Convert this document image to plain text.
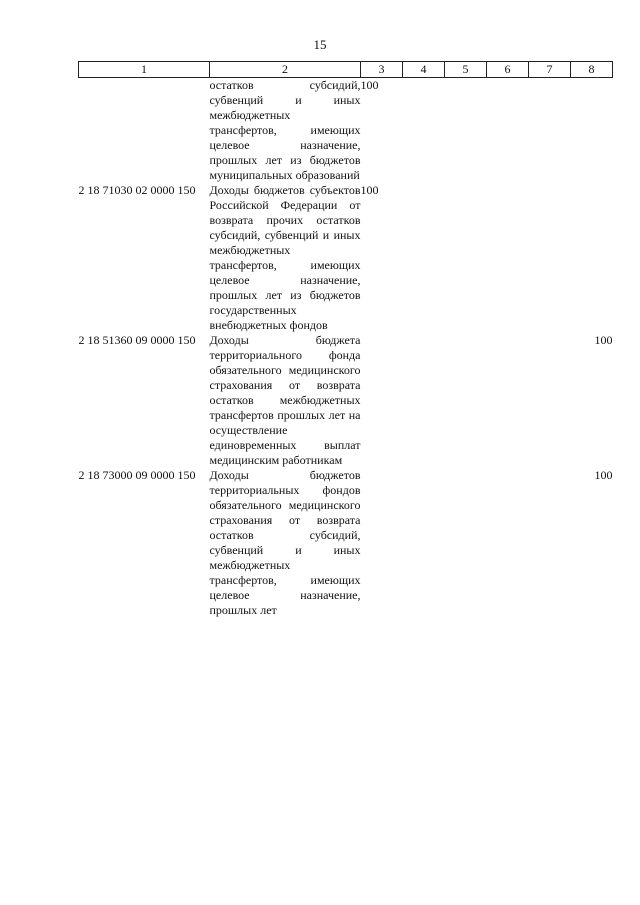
15
1	2	3	4	5	6	7	8
	остатков субсидий, субвенций и иных межбюджетных трансфертов, имеющих целевое назначение, прошлых лет из бюджетов муниципальных образований	100					
2 18 71030 02 0000 150	Доходы бюджетов субъектов Российской Федерации от возврата прочих остатков субсидий, субвенций и иных межбюджетных трансфертов, имеющих целевое назначение, прошлых лет из бюджетов государственных внебюджетных фондов	100					
2 18 51360 09 0000 150	Доходы бюджета территориального фонда обязательного медицинского страхования от возврата остатков межбюджетных трансфертов прошлых лет на осуществление единовременных выплат медицинским работникам						100
2 18 73000 09 0000 150	Доходы бюджетов территориальных фондов обязательного медицинского страхования от возврата остатков субсидий, субвенций и иных межбюджетных трансфертов, имеющих целевое назначение, прошлых лет						100
